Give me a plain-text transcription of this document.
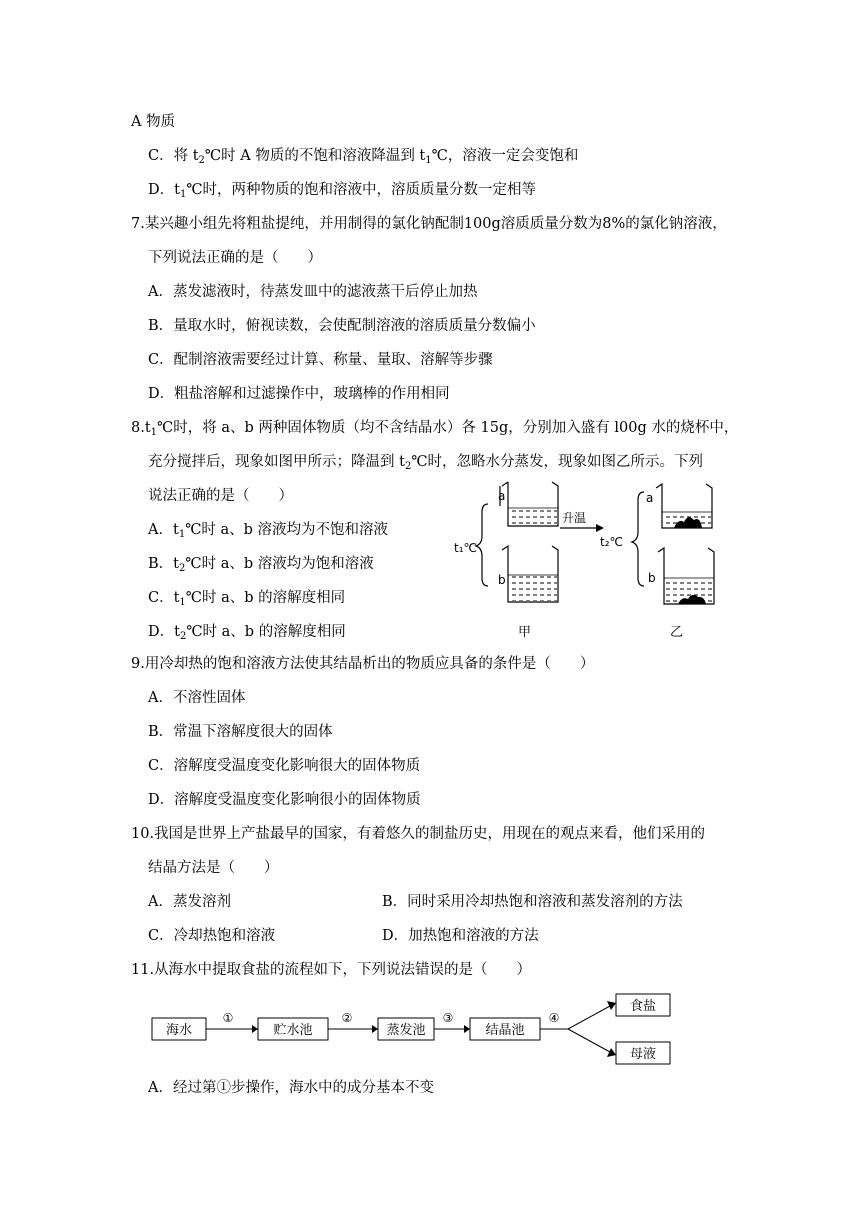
A 物质
C．将 $t_2℃$时 A 物质的不饱和溶液降温到 $t_1℃$，溶液一定会变饱和
D．$t_1℃$时，两种物质的饱和溶液中，溶质质量分数一定相等
7.某兴趣小组先将粗盐提纯，并用制得的氯化钠配制100g溶质质量分数为8%的氯化钠溶液，
下列说法正确的是（　　）
A．蒸发滤液时，待蒸发皿中的滤液蒸干后停止加热
B．量取水时，俯视读数，会使配制溶液的溶质质量分数偏小
C．配制溶液需要经过计算、称量、量取、溶解等步骤
D．粗盐溶解和过滤操作中，玻璃棒的作用相同
$8.t_1℃$时，将 a、b 两种固体物质（均不含结晶水）各 15g，分别加入盛有 l00g 水的烧杯中，
充分搅拌后，现象如图甲所示；降温到 $t_2℃$时，忽略水分蒸发，现象如图乙所示。下列
说法正确的是（　　）
A．$t_1℃$时 a、b 溶液均为不饱和溶液
B．$t_2℃$时 a、b 溶液均为饱和溶液
C．$t_1℃$时 a、b 的溶解度相同
D．$t_2℃$时 a、b 的溶解度相同
t₁℃
a
b
升温
t₂℃
a
b
甲	乙
9.用冷却热的饱和溶液方法使其结晶析出的物质应具备的条件是（　　）
A．不溶性固体
B．常温下溶解度很大的固体
C．溶解度受温度变化影响很大的固体物质
D．溶解度受温度变化影响很小的固体物质
10.我国是世界上产盐最早的国家，有着悠久的制盐历史，用现在的观点来看，他们采用的
结晶方法是（　　）
A．蒸发溶剂	B．同时采用冷却热饱和溶液和蒸发溶剂的方法
C．冷却热饱和溶液	D．加热饱和溶液的方法
11.从海水中提取食盐的流程如下，下列说法错误的是（　　）
海水	贮水池	蒸发池	结晶池
食盐
母液
①	②	③	④
A．经过第①步操作，海水中的成分基本不变
